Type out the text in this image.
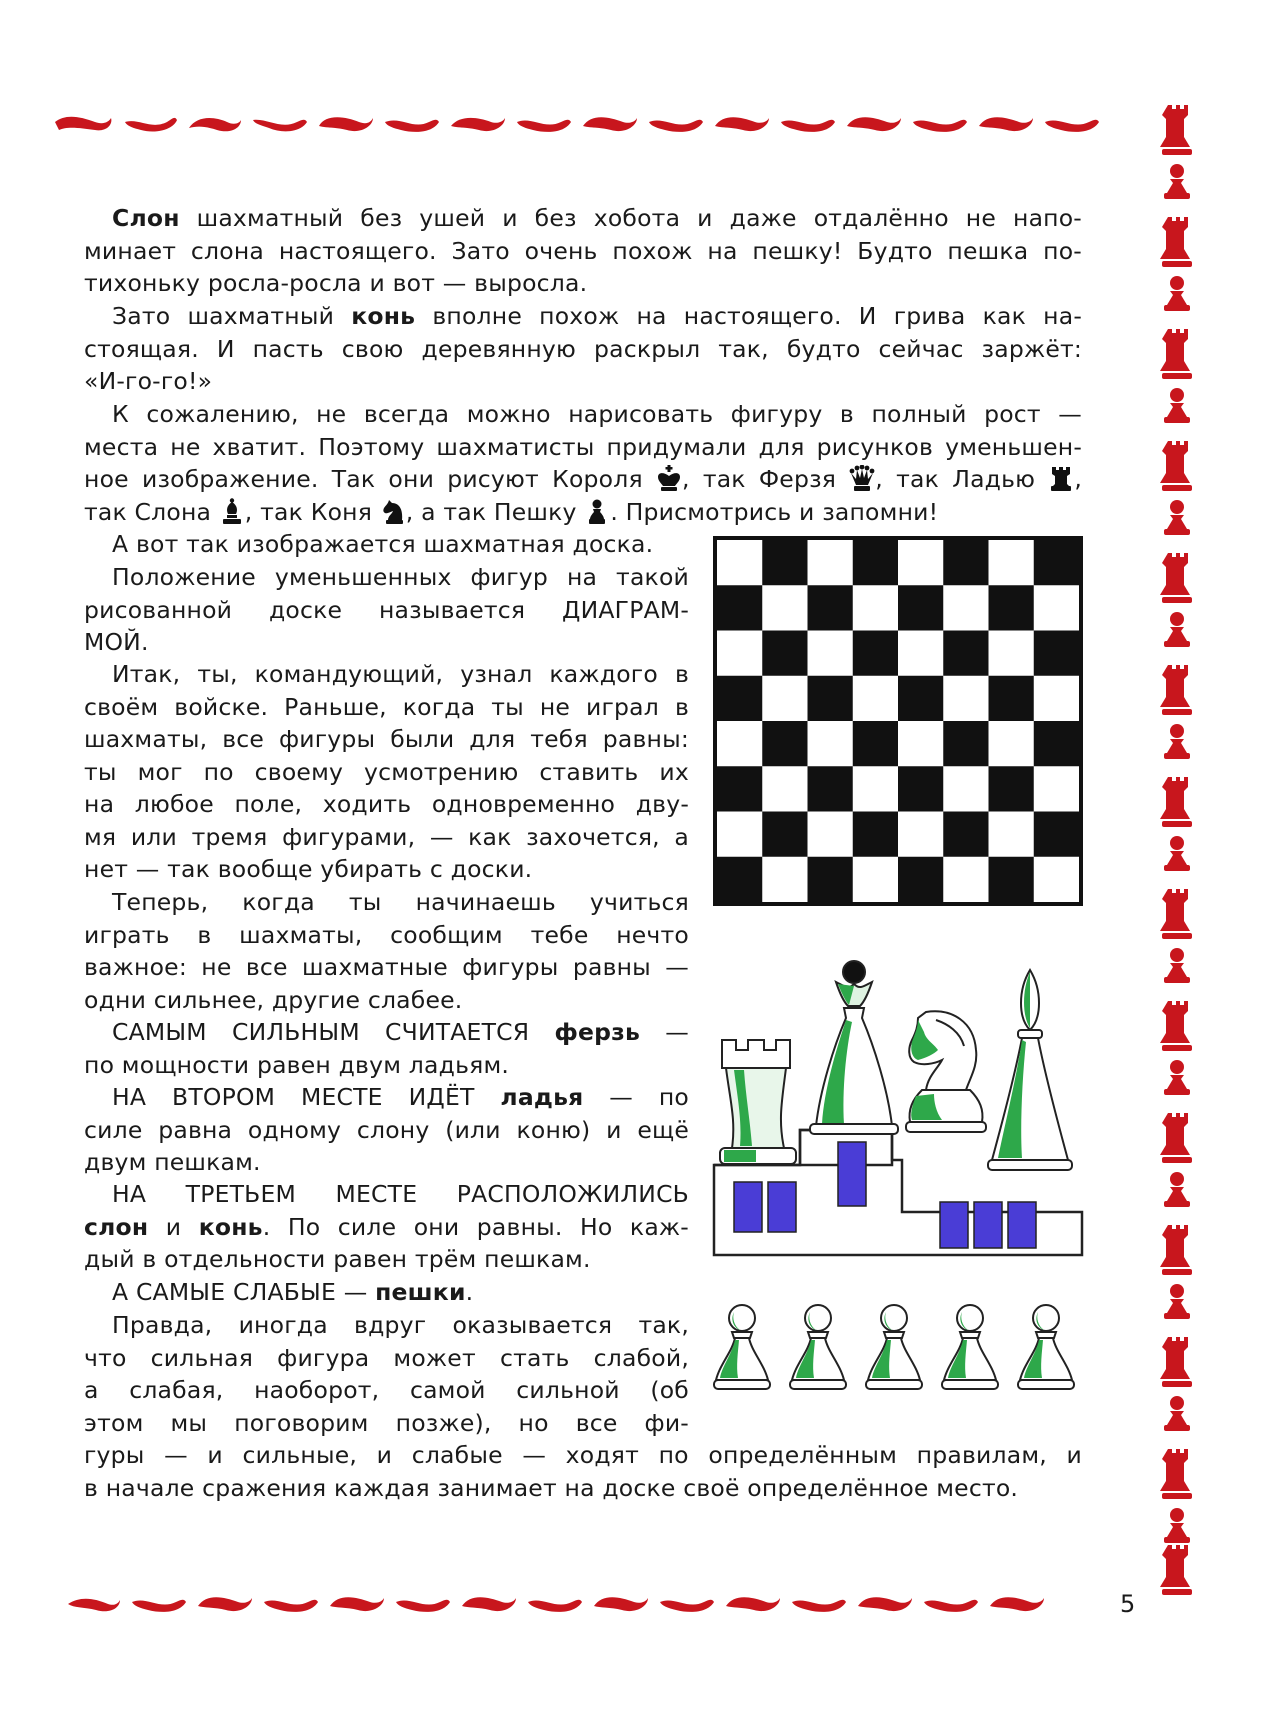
Слон шахматный без ушей и без хобота и даже отдалённо не напо-
минает слона настоящего. Зато очень похож на пешку! Будто пешка по-
тихоньку росла-росла и вот — выросла.
Зато шахматный конь вполне похож на настоящего. И грива как на-
стоящая. И пасть свою деревянную раскрыл так, будто сейчас заржёт:
«И-го-го!»
К сожалению, не всегда можно нарисовать фигуру в полный рост —
места не хватит. Поэтому шахматисты придумали для рисунков уменьшен-
ное изображение. Так они рисуют Короля , так Ферзя , так Ладью ,
так Слона , так Коня , а так Пешку . Присмотрись и запомни!
А вот так изображается шахматная доска.
Положение уменьшенных фигур на такой
рисованной доске называется ДИАГРАМ-
МОЙ.
Итак, ты, командующий, узнал каждого в
своём войске. Раньше, когда ты не играл в
шахматы, все фигуры были для тебя равны:
ты мог по своему усмотрению ставить их
на любое поле, ходить одновременно дву-
мя или тремя фигурами, — как захочется, а
нет — так вообще убирать с доски.
Теперь, когда ты начинаешь учиться
играть в шахматы, сообщим тебе нечто
важное: не все шахматные фигуры равны —
одни сильнее, другие слабее.
САМЫМ СИЛЬНЫМ СЧИТАЕТСЯ ферзь —
по мощности равен двум ладьям.
НА ВТОРОМ МЕСТЕ ИДЁТ ладья — по
силе равна одному слону (или коню) и ещё
двум пешкам.
НА ТРЕТЬЕМ МЕСТЕ РАСПОЛОЖИЛИСЬ
слон и конь. По силе они равны. Но каж-
дый в отдельности равен трём пешкам.
А САМЫЕ СЛАБЫЕ — пешки.
Правда, иногда вдруг оказывается так,
что сильная фигура может стать слабой,
а слабая, наоборот, самой сильной (об
этом мы поговорим позже), но все фи-
гуры — и сильные, и слабые — ходят по определённым правилам, и
в начале сражения каждая занимает на доске своё определённое место.
5
